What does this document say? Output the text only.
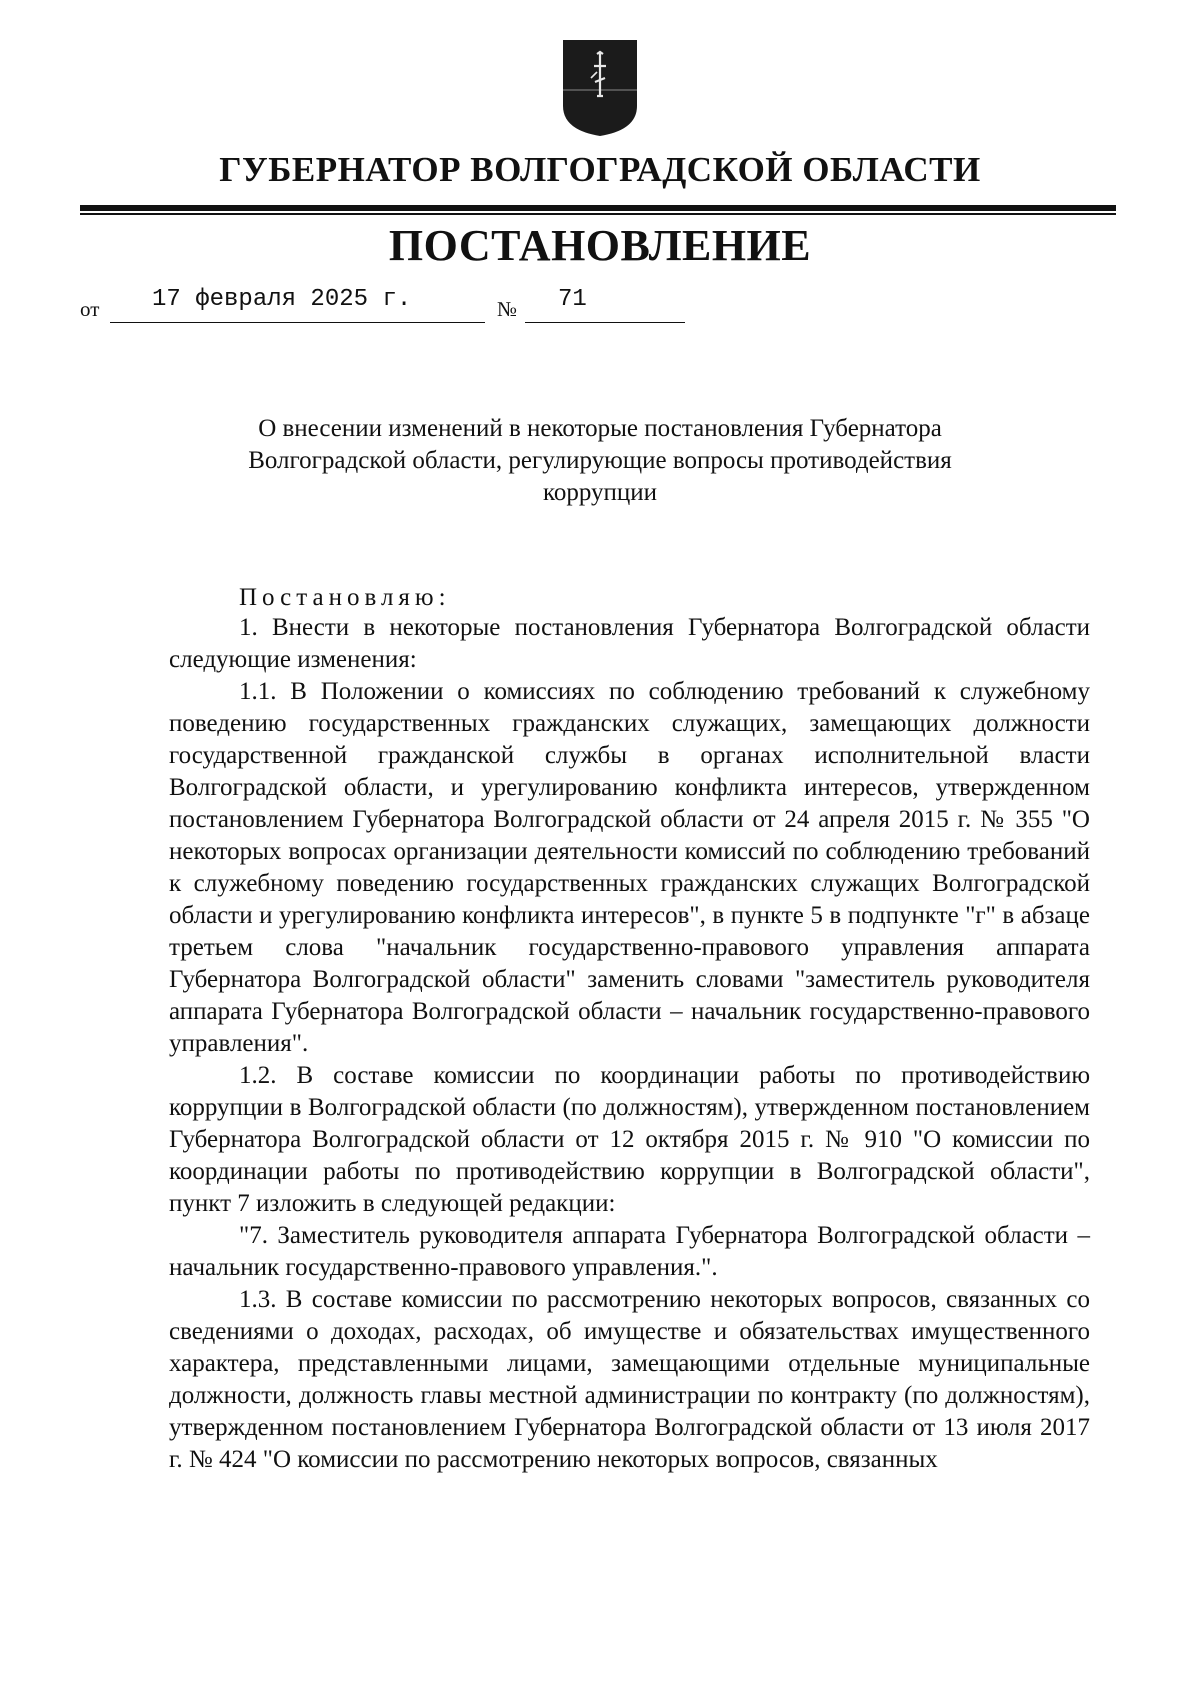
ГУБЕРНАТОР ВОЛГОГРАДСКОЙ ОБЛАСТИ
ПОСТАНОВЛЕНИЕ
от 17 февраля 2025 г.	№ 71
О внесении изменений в некоторые постановления Губернатора
Волгоградской области, регулирующие вопросы противодействия
коррупции
Постановляю:

1. Внести в некоторые постановления Губернатора Волгоградской области следующие изменения:

1.1. В Положении о комиссиях по соблюдению требований к служебному поведению государственных гражданских служащих, замещающих должности государственной гражданской службы в органах исполнительной власти Волгоградской области, и урегулированию конфликта интересов, утвержденном постановлением Губернатора Волгоградской области от 24 апреля 2015 г. № 355 "О некоторых вопросах организации деятельности комиссий по соблюдению требований к служебному поведению государственных гражданских служащих Волгоградской области и урегулированию конфликта интересов", в пункте 5 в подпункте "г" в абзаце третьем слова "начальник государственно-правового управления аппарата Губернатора Волгоградской области" заменить словами "заместитель руководителя аппарата Губернатора Волгоградской области – начальник государственно-правового управления".

1.2. В составе комиссии по координации работы по противодействию коррупции в Волгоградской области (по должностям), утвержденном постановлением Губернатора Волгоградской области от 12 октября 2015 г. № 910 "О комиссии по координации работы по противодействию коррупции в Волгоградской области", пункт 7 изложить в следующей редакции:

"7. Заместитель руководителя аппарата Губернатора Волгоградской области – начальник государственно-правового управления.".

1.3. В составе комиссии по рассмотрению некоторых вопросов, связанных со сведениями о доходах, расходах, об имуществе и обязательствах имущественного характера, представленными лицами, замещающими отдельные муниципальные должности, должность главы местной администрации по контракту (по должностям), утвержденном постановлением Губернатора Волгоградской области от 13 июля 2017 г. № 424 "О комиссии по рассмотрению некоторых вопросов, связанных
